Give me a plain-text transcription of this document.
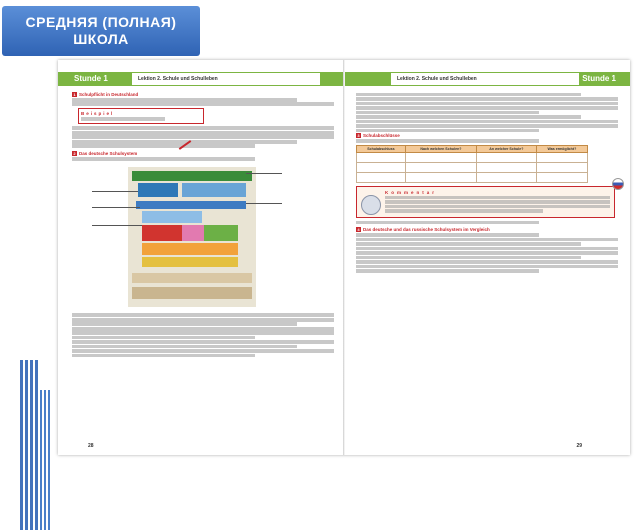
СРЕДНЯЯ (ПОЛНАЯ)
ШКОЛА
Stunde 1	Stunde 1
Lektion 2. Schule und Schulleben	Lektion 2. Schule und Schulleben
1 Schulpflicht in Deutschland
Beispiel
2 Das deutsche Schulsystem
3 Schulabschlüsse
Schulabschluss	Nach welchen Schulen?	An welcher Schule?	Was ermöglicht?

Kommentar
4 Das deutsche und das russische Schulsystem im Vergleich
28	29
